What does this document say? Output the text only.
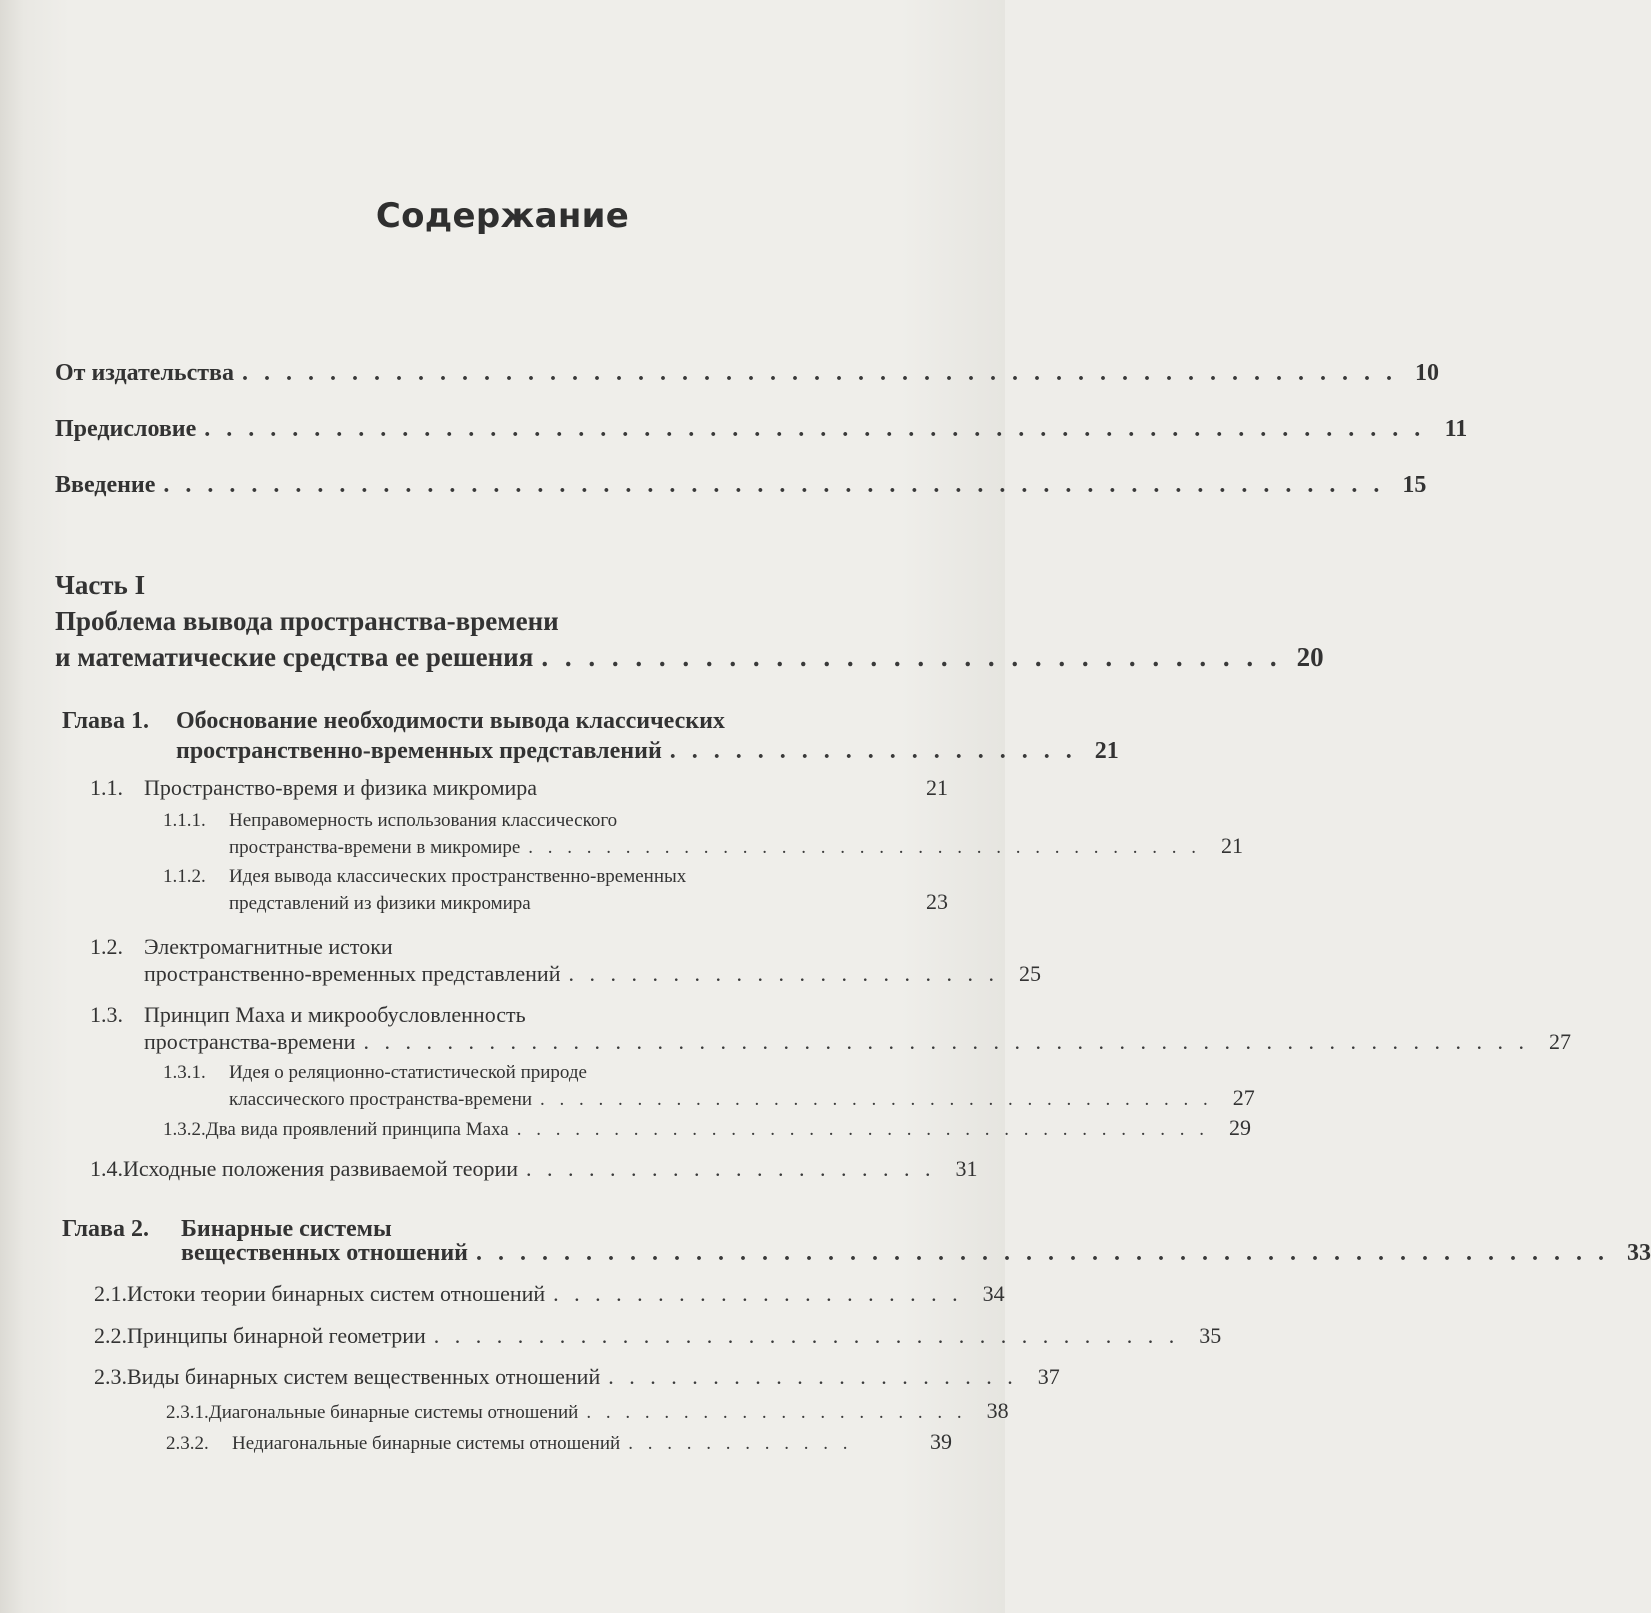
Содержание
От издательства . . . . . . . . . . . . . . . . . . . . . . . . . . . . . . . . . . . . . . . . . . . . . . . . . . . . . 10
Предисловие . . . . . . . . . . . . . . . . . . . . . . . . . . . . . . . . . . . . . . . . . . . . . . . . . . . . . . . . 11
Введение . . . . . . . . . . . . . . . . . . . . . . . . . . . . . . . . . . . . . . . . . . . . . . . . . . . . . . . . 15
Часть I
Проблема вывода пространства-времени
и математические средства ее решения . . . . . . . . . . . . . . . . . . . . . . . . . . . . . . . . 20
Глава 1.	Обоснование необходимости вывода классических
пространственно-временных представлений . . . . . . . . . . . . . . . . . . . 21
1.1. Пространство-время и физика микромира	21
1.1.1.	Неправомерность использования классического
пространства-времени в микромире . . . . . . . . . . . . . . . . . . . . . . . . . . . . . . . . . . . 21
1.1.2.	Идея вывода классических пространственно-временных
представлений из физики микромира	23
1.2. Электромагнитные истоки
пространственно-временных представлений . . . . . . . . . . . . . . . . . . . . . 25
1.3. Принцип Маха и микрообусловленность
пространства-времени . . . . . . . . . . . . . . . . . . . . . . . . . . . . . . . . . . . . . . . . . . . . . . . . . . . . . . . . 27
1.3.1.	Идея о реляционно-статистической природе
классического пространства-времени . . . . . . . . . . . . . . . . . . . . . . . . . . . . . . . . . . . 27
1.3.2. Два вида проявлений принципа Маха . . . . . . . . . . . . . . . . . . . . . . . . . . . . . . . . . . . . 29
1.4. Исходные положения развиваемой теории . . . . . . . . . . . . . . . . . . . . 31
Глава 2.	Бинарные системы
вещественных отношений . . . . . . . . . . . . . . . . . . . . . . . . . . . . . . . . . . . . . . . . . . . . . . . . . . . . 33
2.1. Истоки теории бинарных систем отношений . . . . . . . . . . . . . . . . . . . . 34
2.2. Принципы бинарной геометрии . . . . . . . . . . . . . . . . . . . . . . . . . . . . . . . . . . . . 35
2.3. Виды бинарных систем вещественных отношений . . . . . . . . . . . . . . . . . . . . 37
2.3.1. Диагональные бинарные системы отношений . . . . . . . . . . . . . . . . . . . . 38
2.3.2.	Недиагональные бинарные системы отношений . . . . . . . . . . . .	39
